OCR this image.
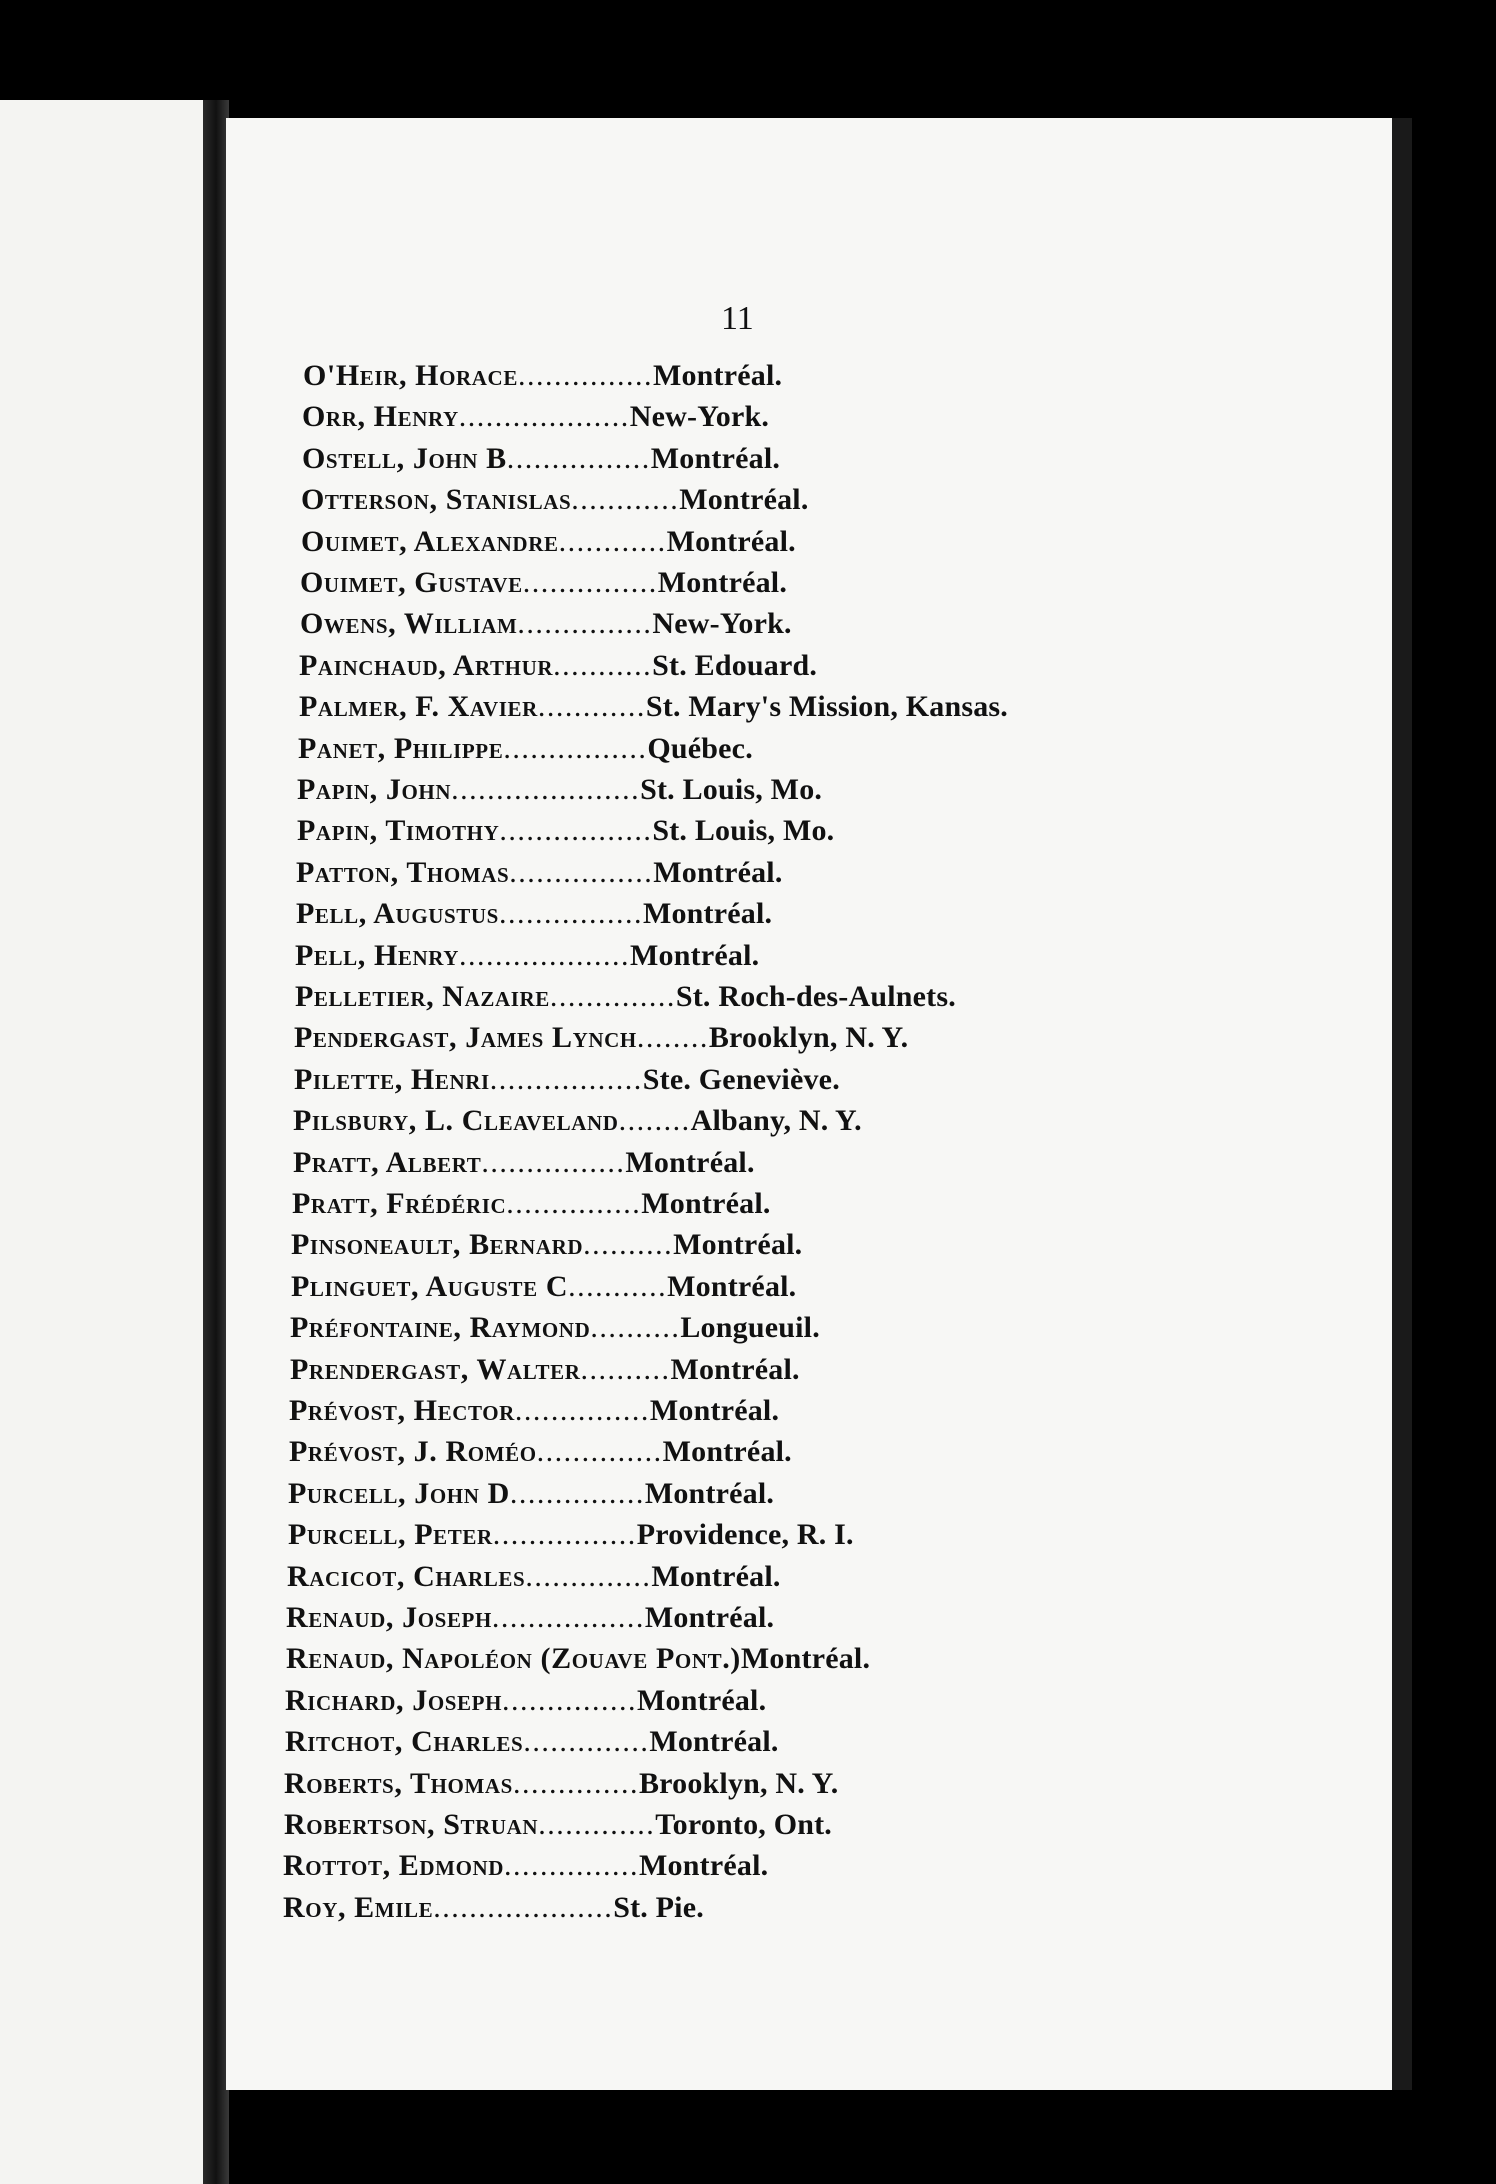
11
O'Heir, Horace...............Montréal.
Orr, Henry...................New-York.
Ostell, John B................Montréal.
Otterson, Stanislas............Montréal.
Ouimet, Alexandre............Montréal.
Ouimet, Gustave...............Montréal.
Owens, William...............New-York.
Painchaud, Arthur...........St. Edouard.
Palmer, F. Xavier............St. Mary's Mission, Kansas.
Panet, Philippe................Québec.
Papin, John.....................St. Louis, Mo.
Papin, Timothy.................St. Louis, Mo.
Patton, Thomas................Montréal.
Pell, Augustus................Montréal.
Pell, Henry...................Montréal.
Pelletier, Nazaire..............St. Roch-des-Aulnets.
Pendergast, James Lynch........Brooklyn, N. Y.
Pilette, Henri.................Ste. Geneviève.
Pilsbury, L. Cleaveland........Albany, N. Y.
Pratt, Albert................Montréal.
Pratt, Frédéric...............Montréal.
Pinsoneault, Bernard..........Montréal.
Plinguet, Auguste C...........Montréal.
Préfontaine, Raymond..........Longueuil.
Prendergast, Walter..........Montréal.
Prévost, Hector...............Montréal.
Prévost, J. Roméo..............Montréal.
Purcell, John D...............Montréal.
Purcell, Peter................Providence, R. I.
Racicot, Charles..............Montréal.
Renaud, Joseph.................Montréal.
Renaud, Napoléon (Zouave Pont.)Montréal.
Richard, Joseph...............Montréal.
Ritchot, Charles..............Montréal.
Roberts, Thomas..............Brooklyn, N. Y.
Robertson, Struan.............Toronto, Ont.
Rottot, Edmond...............Montréal.
Roy, Emile....................St. Pie.
